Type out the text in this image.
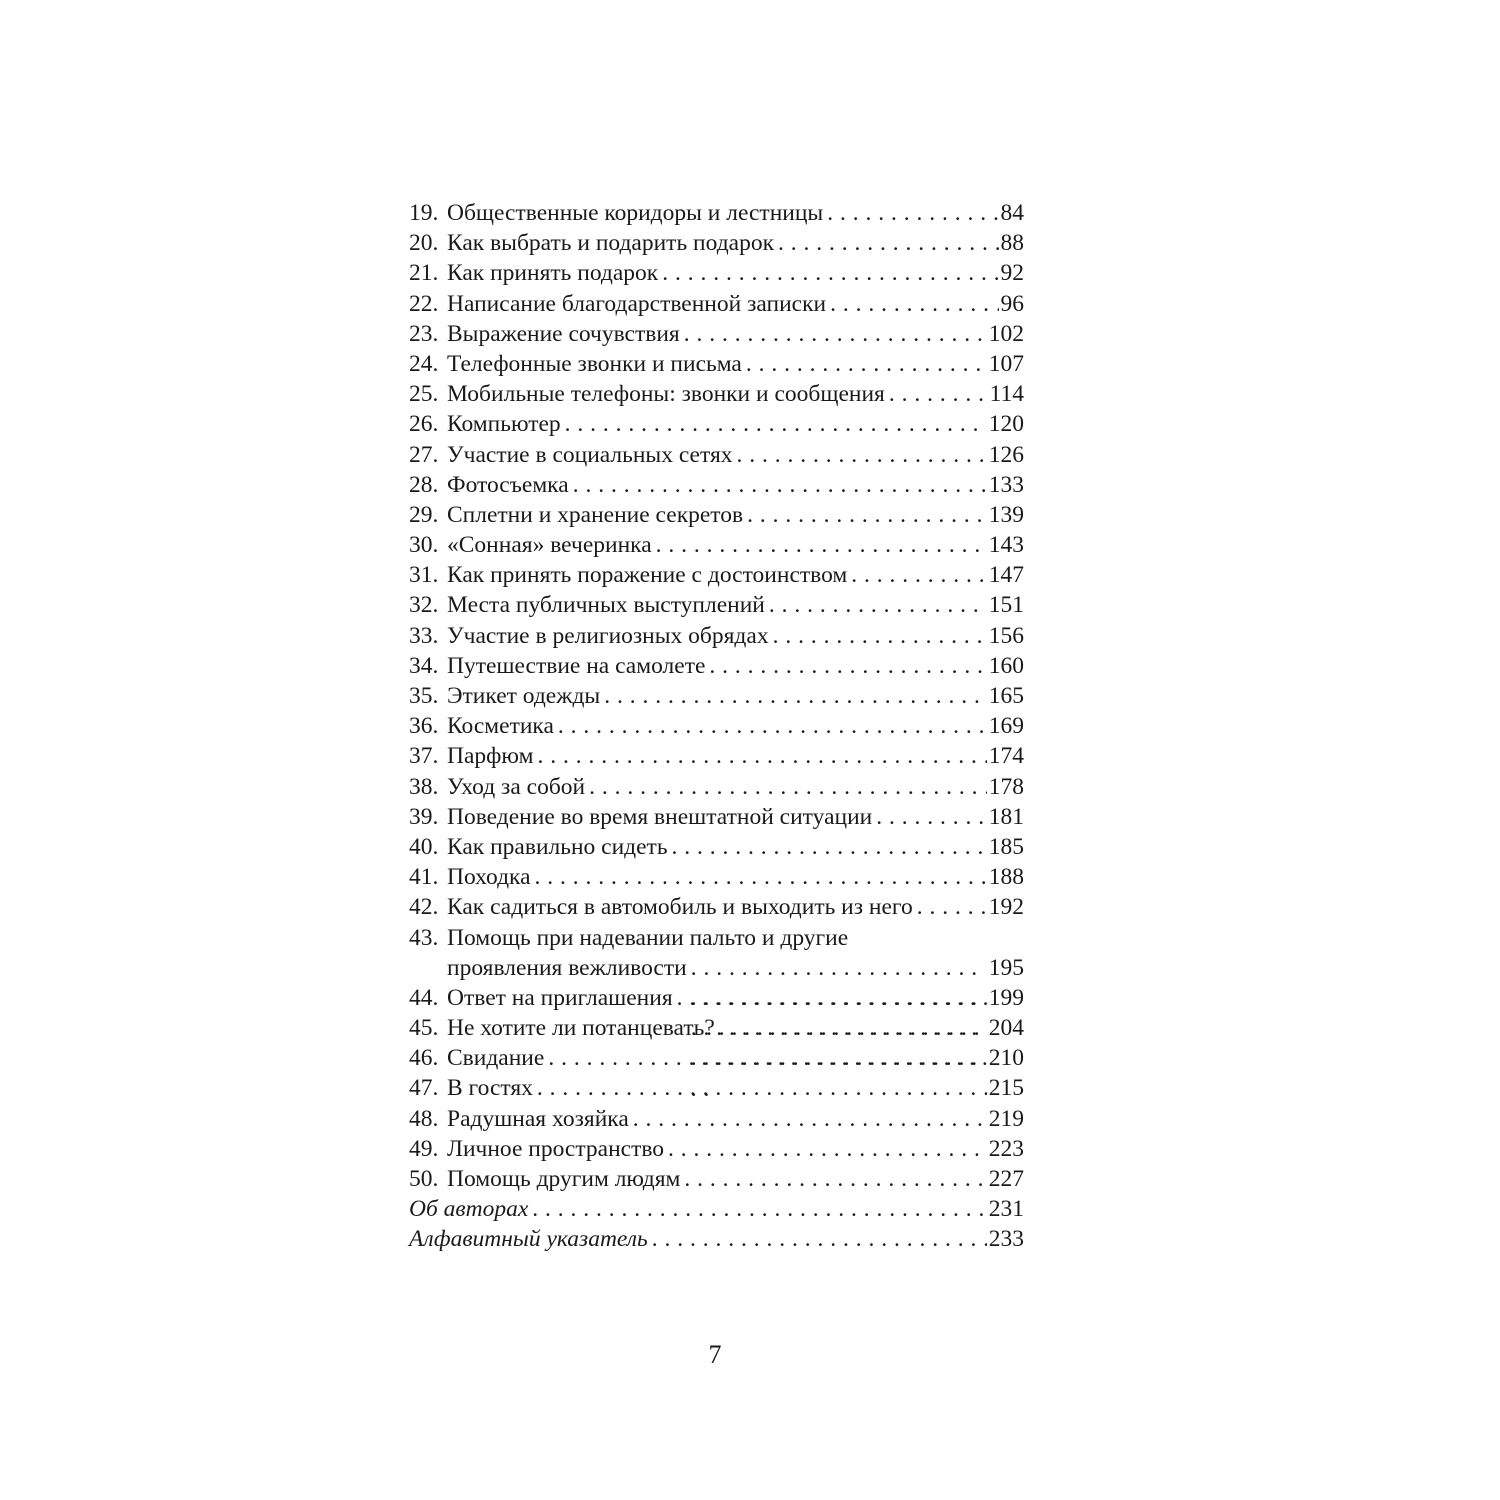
19. Общественные коридоры и лестницы . . .	84
20. Как выбрать и подарить подарок . . .	88
21. Как принять подарок . . .	92
22. Написание благодарственной записки . . .	96
23. Выражение сочувствия . . .	102
24. Телефонные звонки и письма . . .	107
25. Мобильные телефоны: звонки и сообщения . . .	114
26. Компьютер . . .	120
27. Участие в социальных сетях . . .	126
28. Фотосъемка . . .	133
29. Сплетни и хранение секретов . . .	139
30. «Сонная» вечеринка . . .	143
31. Как принять поражение с достоинством . . .	147
32. Места публичных выступлений . . .	151
33. Участие в религиозных обрядах . . .	156
34. Путешествие на самолете . . .	160
35. Этикет одежды . . .	165
36. Косметика . . .	169
37. Парфюм . . .	174
38. Уход за собой . . .	178
39. Поведение во время внештатной ситуации . . .	181
40. Как правильно сидеть . . .	185
41. Походка . . .	188
42. Как садиться в автомобиль и выходить из него . . .	192
43. Помощь при надевании пальто и другие
проявления вежливости . . .	195
44. Ответ на приглашения . . .	199
45. Не хотите ли потанцевать? . . .	204
46. Свидание . . .	210
47. В гостях . . .	215
48. Радушная хозяйка . . .	219
49. Личное пространство . . .	223
50. Помощь другим людям . . .	227
Об авторах . . .	231
Алфавитный указатель . . .	233
7
